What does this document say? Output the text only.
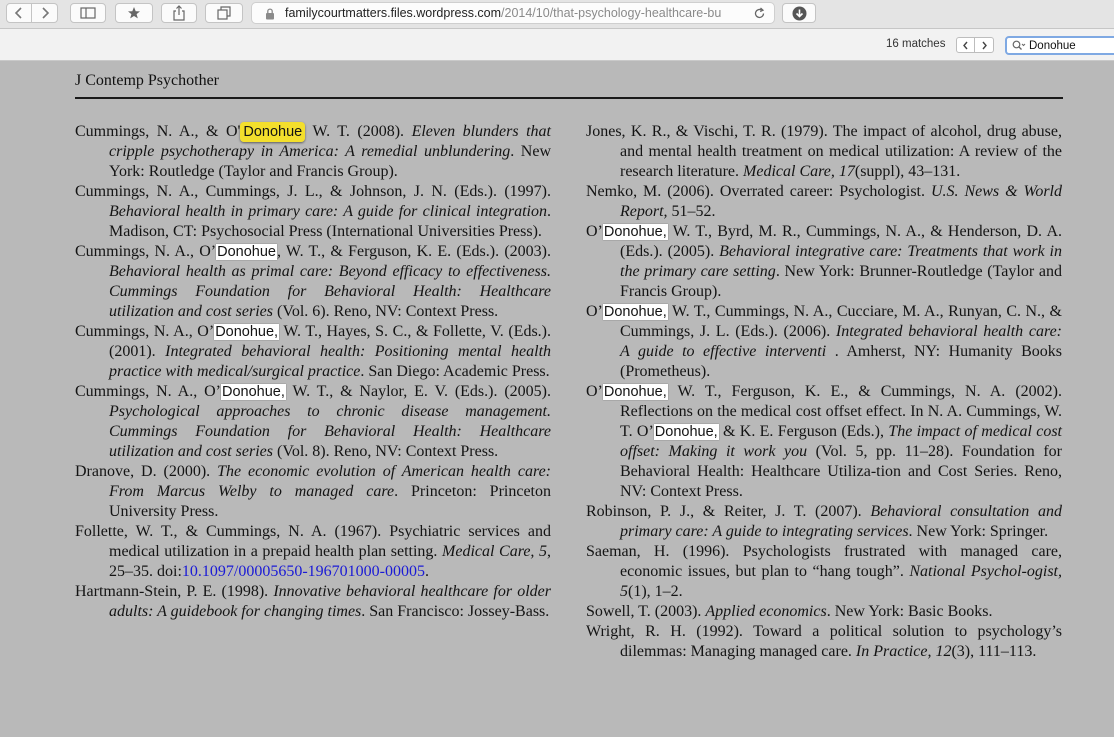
familycourtmatters.files.wordpress.com/2014/10/that-psychology-healthcare-bu
16 matches
Donohue
J Contemp Psychother

Cummings, N. A., & O' Donohue W. T. (2008). Eleven blunders that cripple psychotherapy in America: A remedial unblundering. New York: Routledge (Taylor and Francis Group).

Cummings, N. A., Cummings, J. L., & Johnson, J. N. (Eds.). (1997). Behavioral health in primary care: A guide for clinical integration. Madison, CT: Psychosocial Press (International Universities Press).

Cummings, N. A., O’Donohue, W. T., & Ferguson, K. E. (Eds.). (2003). Behavioral health as primal care: Beyond efficacy to effectiveness. Cummings Foundation for Behavioral Health: Healthcare utilization and cost series (Vol. 6). Reno, NV: Context Press.

Cummings, N. A., O’Donohue, W. T., Hayes, S. C., & Follette, V. (Eds.). (2001). Integrated behavioral health: Positioning mental health practice with medical/surgical practice. San Diego: Academic Press.

Cummings, N. A., O’Donohue, W. T., & Naylor, E. V. (Eds.). (2005). Psychological approaches to chronic disease management. Cummings Foundation for Behavioral Health: Healthcare utilization and cost series (Vol. 8). Reno, NV: Context Press.

Dranove, D. (2000). The economic evolution of American health care: From Marcus Welby to managed care. Princeton: Princeton University Press.

Follette, W. T., & Cummings, N. A. (1967). Psychiatric services and medical utilization in a prepaid health plan setting. Medical Care, 5, 25–35. doi:10.1097/00005650-196701000-00005.

Hartmann-Stein, P. E. (1998). Innovative behavioral healthcare for older adults: A guidebook for changing times. San Francisco: Jossey-Bass.

Jones, K. R., & Vischi, T. R. (1979). The impact of alcohol, drug abuse, and mental health treatment on medical utilization: A review of the research literature. Medical Care, 17(suppl), 43–131.

Nemko, M. (2006). Overrated career: Psychologist. U.S. News & World Report, 51–52.

O’Donohue, W. T., Byrd, M. R., Cummings, N. A., & Henderson, D. A. (Eds.). (2005). Behavioral integrative care: Treatments that work in the primary care setting. New York: Brunner-Routledge (Taylor and Francis Group).

O’Donohue, W. T., Cummings, N. A., Cucciare, M. A., Runyan, C. N., & Cummings, J. L. (Eds.). (2006). Integrated behavioral health care: A guide to effective interventi . Amherst, NY: Humanity Books (Prometheus).

O’Donohue, W. T., Ferguson, K. E., & Cummings, N. A. (2002). Reflections on the medical cost offset effect. In N. A. Cummings, W. T. O’Donohue, & K. E. Ferguson (Eds.), The impact of medical cost offset: Making it work you (Vol. 5, pp. 11–28). Foundation for Behavioral Health: Healthcare Utiliza-tion and Cost Series. Reno, NV: Context Press.

Robinson, P. J., & Reiter, J. T. (2007). Behavioral consultation and primary care: A guide to integrating services. New York: Springer.

Saeman, H. (1996). Psychologists frustrated with managed care, economic issues, but plan to “hang tough”. National Psychol-ogist, 5(1), 1–2.

Sowell, T. (2003). Applied economics. New York: Basic Books.

Wright, R. H. (1992). Toward a political solution to psychology’s dilemmas: Managing managed care. In Practice, 12(3), 111–113.
